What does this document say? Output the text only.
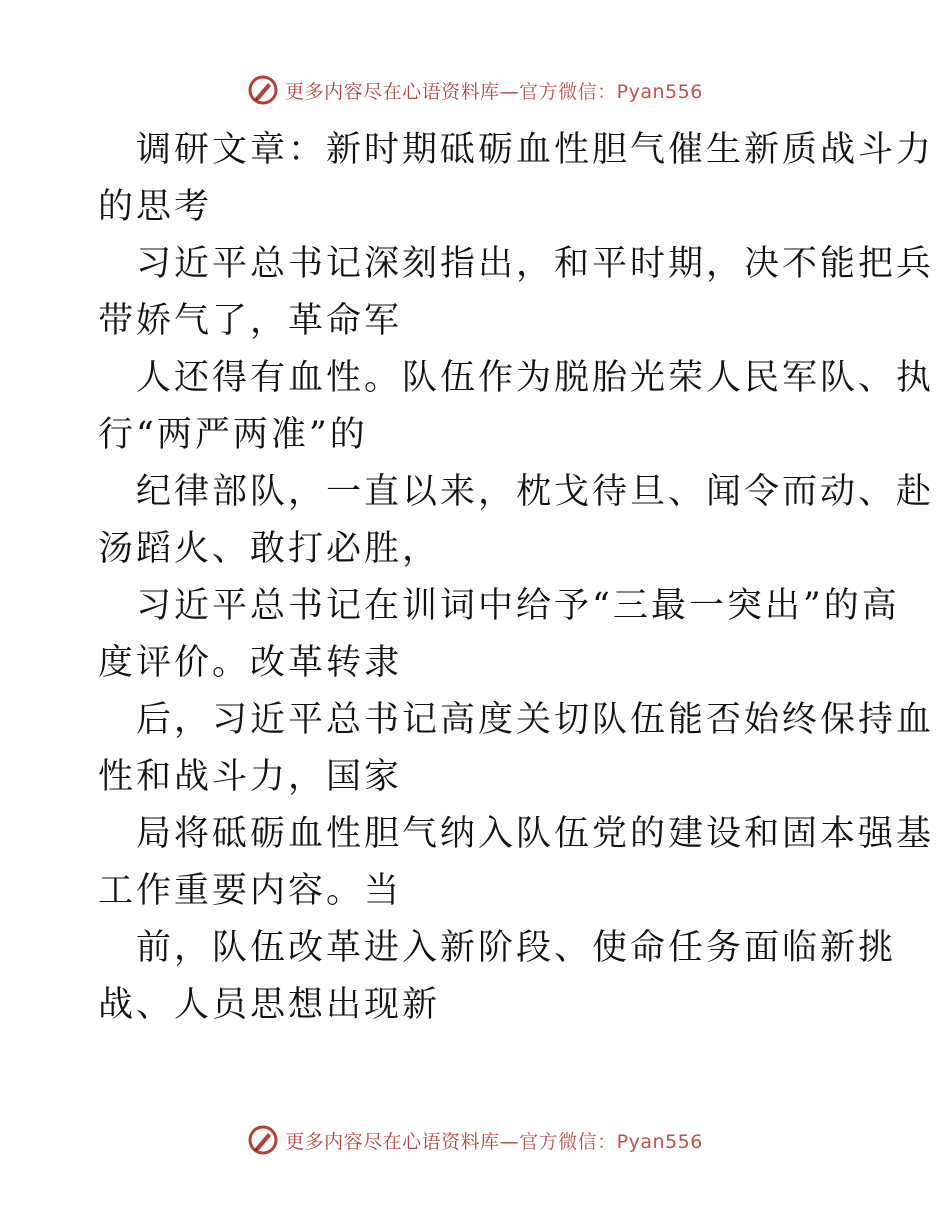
更多内容尽在心语资料库—官方微信：Pyan556
调研文章：新时期砥砺血性胆气催生新质战斗力
的思考
习近平总书记深刻指出，和平时期，决不能把兵
带娇气了，革命军
人还得有血性。队伍作为脱胎光荣人民军队、执
行“两严两准”的
纪律部队，一直以来，枕戈待旦、闻令而动、赴
汤蹈火、敢打必胜，
习近平总书记在训词中给予“三最一突出”的高
度评价。改革转隶
后，习近平总书记高度关切队伍能否始终保持血
性和战斗力，国家
局将砥砺血性胆气纳入队伍党的建设和固本强基
工作重要内容。当
前，队伍改革进入新阶段、使命任务面临新挑
战、人员思想出现新
更多内容尽在心语资料库—官方微信：Pyan556
